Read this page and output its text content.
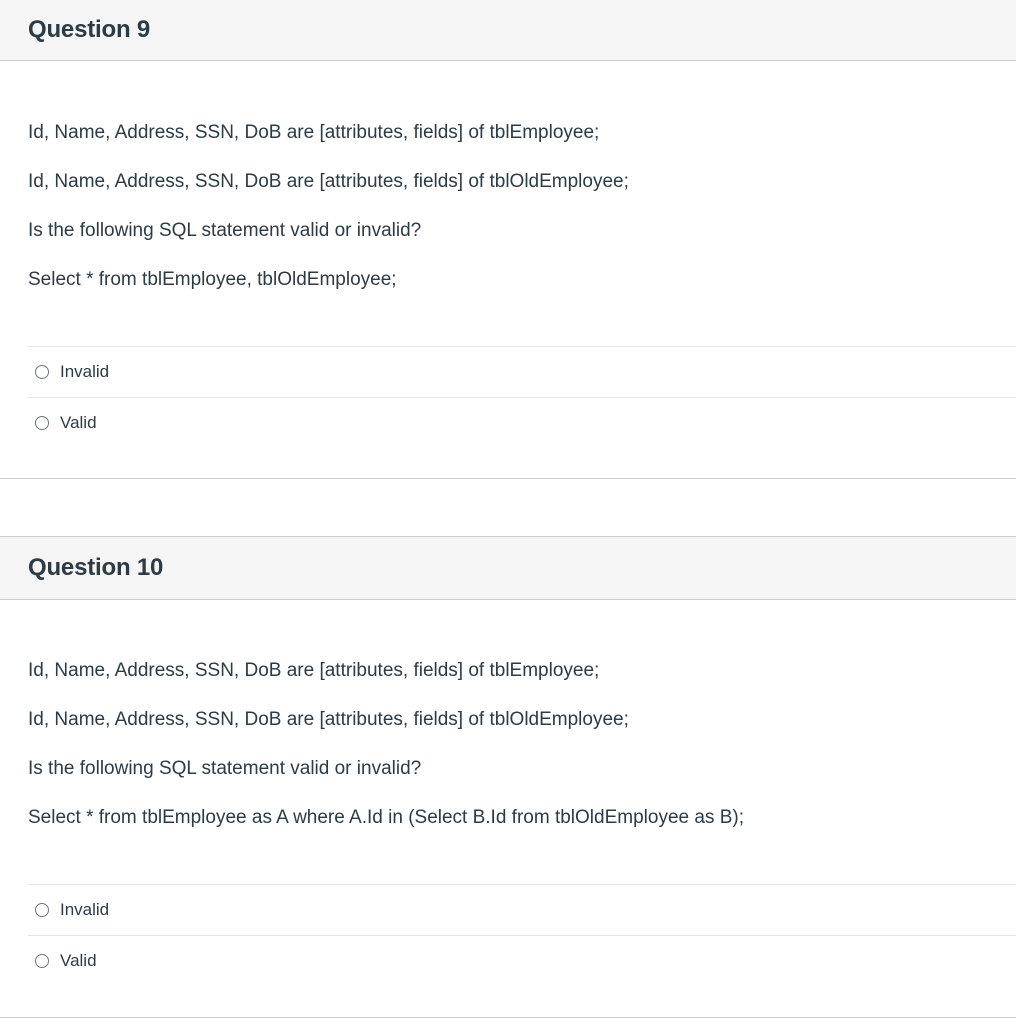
Question 9

Id, Name, Address, SSN, DoB are [attributes, fields] of tblEmployee;

Id, Name, Address, SSN, DoB are [attributes, fields] of tblOldEmployee;

Is the following SQL statement valid or invalid?

Select * from tblEmployee, tblOldEmployee;

Invalid
Valid
Question 10

Id, Name, Address, SSN, DoB are [attributes, fields] of tblEmployee;

Id, Name, Address, SSN, DoB are [attributes, fields] of tblOldEmployee;

Is the following SQL statement valid or invalid?

Select * from tblEmployee as A where A.Id in (Select B.Id from tblOldEmployee as B);

Invalid
Valid
